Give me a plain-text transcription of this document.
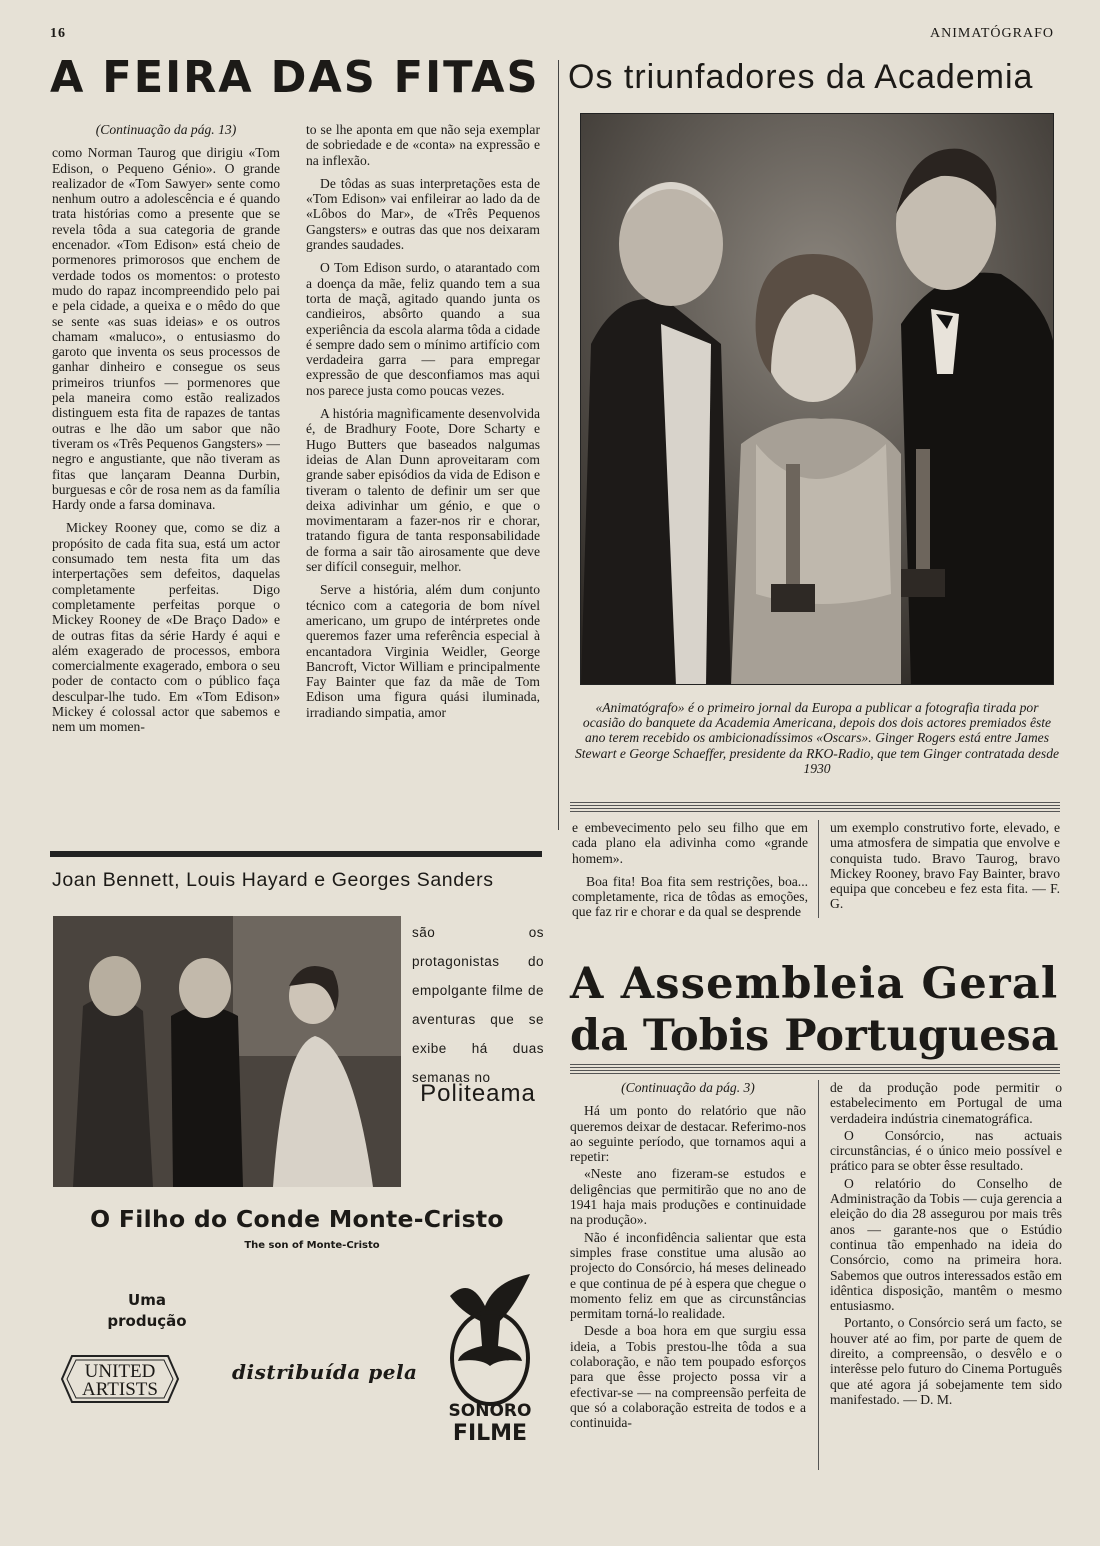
16	ANIMATÓGRAFO
A FEIRA DAS FITAS Os triunfadores da Academia

(Continuação da pág. 13)

como Norman Taurog que dirigiu «Tom Edison, o Pequeno Génio». O grande realizador de «Tom Sawyer» sente como nenhum outro a adolescência e é quando trata histórias como a presente que se revela tôda a sua categoria de grande encenador. «Tom Edison» está cheio de pormenores primorosos que enchem de verdade todos os momentos: o protesto mudo do rapaz incompreendido pelo pai e pela cidade, a queixa e o mêdo do que se sente «as suas ideias» e os outros chamam «maluco», o entusiasmo do garoto que inventa os seus processos de ganhar dinheiro e consegue os seus primeiros triunfos — pormenores que pela maneira como estão realizados distinguem esta fita de rapazes de tantas outras e lhe dão um sabor que não tiveram os «Três Pequenos Gangsters» — negro e angustiante, que não tiveram as fitas que lançaram Deanna Durbin, burguesas e côr de rosa nem as da família Hardy onde a farsa dominava.

Mickey Rooney que, como se diz a propósito de cada fita sua, está um actor consumado tem nesta fita um das interpertações sem defeitos, daquelas completamente perfeitas. Digo completamente perfeitas porque o Mickey Rooney de «De Braço Dado» e de outras fitas da série Hardy é aqui e além exagerado de processos, embora comercialmente exagerado, embora o seu poder de contacto com o público faça desculpar-lhe tudo. Em «Tom Edison» Mickey é colossal actor que sabemos e nem um momen-

to se lhe aponta em que não seja exemplar de sobriedade e de «conta» na expressão e na inflexão.

De tôdas as suas interpretações esta de «Tom Edison» vai enfileirar ao lado da de «Lôbos do Mar», de «Três Pequenos Gangsters» e outras das que nos deixaram grandes saudades.

O Tom Edison surdo, o atarantado com a doença da mãe, feliz quando tem a sua torta de maçã, agitado quando junta os candieiros, absôrto quando a sua experiência da escola alarma tôda a cidade é sempre dado sem o mínimo artifício com verdadeira garra — para empregar expressão de que desconfiamos mas aqui nos parece justa como poucas vezes.

A história magnìficamente desenvolvida é, de Bradhury Foote, Dore Scharty e Hugo Butters que baseados nalgumas ideias de Alan Dunn aproveitaram com grande saber episódios da vida de Edison e tiveram o talento de definir um ser que deixa adivinhar um génio, e que o movimentaram a fazer-nos rir e chorar, tratando figura de tanta responsabilidade de forma a sair tão airosamente que deve ser difícil conseguir, melhor.

Serve a história, além dum conjunto técnico com a categoria de bom nível americano, um grupo de intérpretes onde queremos fazer uma referência especial à encantadora Virginia Weidler, George Bancroft, Victor William e principalmente Fay Bainter que faz da mãe de Tom Edison uma figura quási iluminada, irradiando simpatia, amor	«Animatógrafo» é o primeiro jornal da Europa a publicar a fotografia tirada por ocasião do banquete da Academia Americana, depois dos dois actores premiados êste ano terem recebido os ambicionadíssimos «Oscars». Ginger Rogers está entre James Stewart e George Schaeffer, presidente da RKO-Radio, que tem Ginger contratada desde 1930

e embevecimento pelo seu filho que em cada plano ela adivinha como «grande homem».

Boa fita! Boa fita sem restrições, boa... completamente, rica de tôdas as emoções, que faz rir e chorar e da qual se desprende

um exemplo construtivo forte, elevado, e uma atmosfera de simpatia que envolve e conquista tudo. Bravo Taurog, bravo Mickey Rooney, bravo Fay Bainter, bravo equipa que concebeu e fez esta fita. — F. G.

Joan Bennett, Louis Hayard e Georges Sanders
são os protagonistas do empolgante filme de aventuras que se exibe há duas semanas no
Politeama
O Filho do Conde Monte-Cristo
The son of Monte-Cristo
Uma
produção
UNITED
ARTISTS
distribuída pela
SONORO
FILME
A Assembleia Geral
da Tobis Portuguesa

(Continuação da pág. 3)

Há um ponto do relatório que não queremos deixar de destacar. Referimo-nos ao seguinte período, que tornamos aqui a repetir:

«Neste ano fizeram-se estudos e deligências que permitirão que no ano de 1941 haja mais produções e continuidade na produção».

Não é inconfidência salientar que esta simples frase constitue uma alusão ao projecto do Consórcio, há meses delineado e que continua de pé à espera que chegue o momento feliz em que as circunstâncias permitam torná-lo realidade.

Desde a boa hora em que surgiu essa ideia, a Tobis prestou-lhe tôda a sua colaboração, e não tem poupado esforços para que êsse projecto possa vir a efectivar-se — na compreensão perfeita de que só a colaboração estreita de todos e a continuida-

de da produção pode permitir o estabelecimento em Portugal de uma verdadeira indústria cinematográfica.

O Consórcio, nas actuais circunstâncias, é o único meio possível e prático para se obter êsse resultado.

O relatório do Conselho de Administração da Tobis — cuja gerencia a eleição do dia 28 assegurou por mais três anos — garante-nos que o Estúdio continua tão empenhado na ideia do Consórcio, como na primeira hora. Sabemos que outros interessados estão em idêntica disposição, mantêm o mesmo entusiasmo.

Portanto, o Consórcio será um facto, se houver até ao fim, por parte de quem de direito, a compreensão, o desvêlo e o interêsse pelo futuro do Cinema Português que até agora já sobejamente tem sido manifestado. — D. M.
